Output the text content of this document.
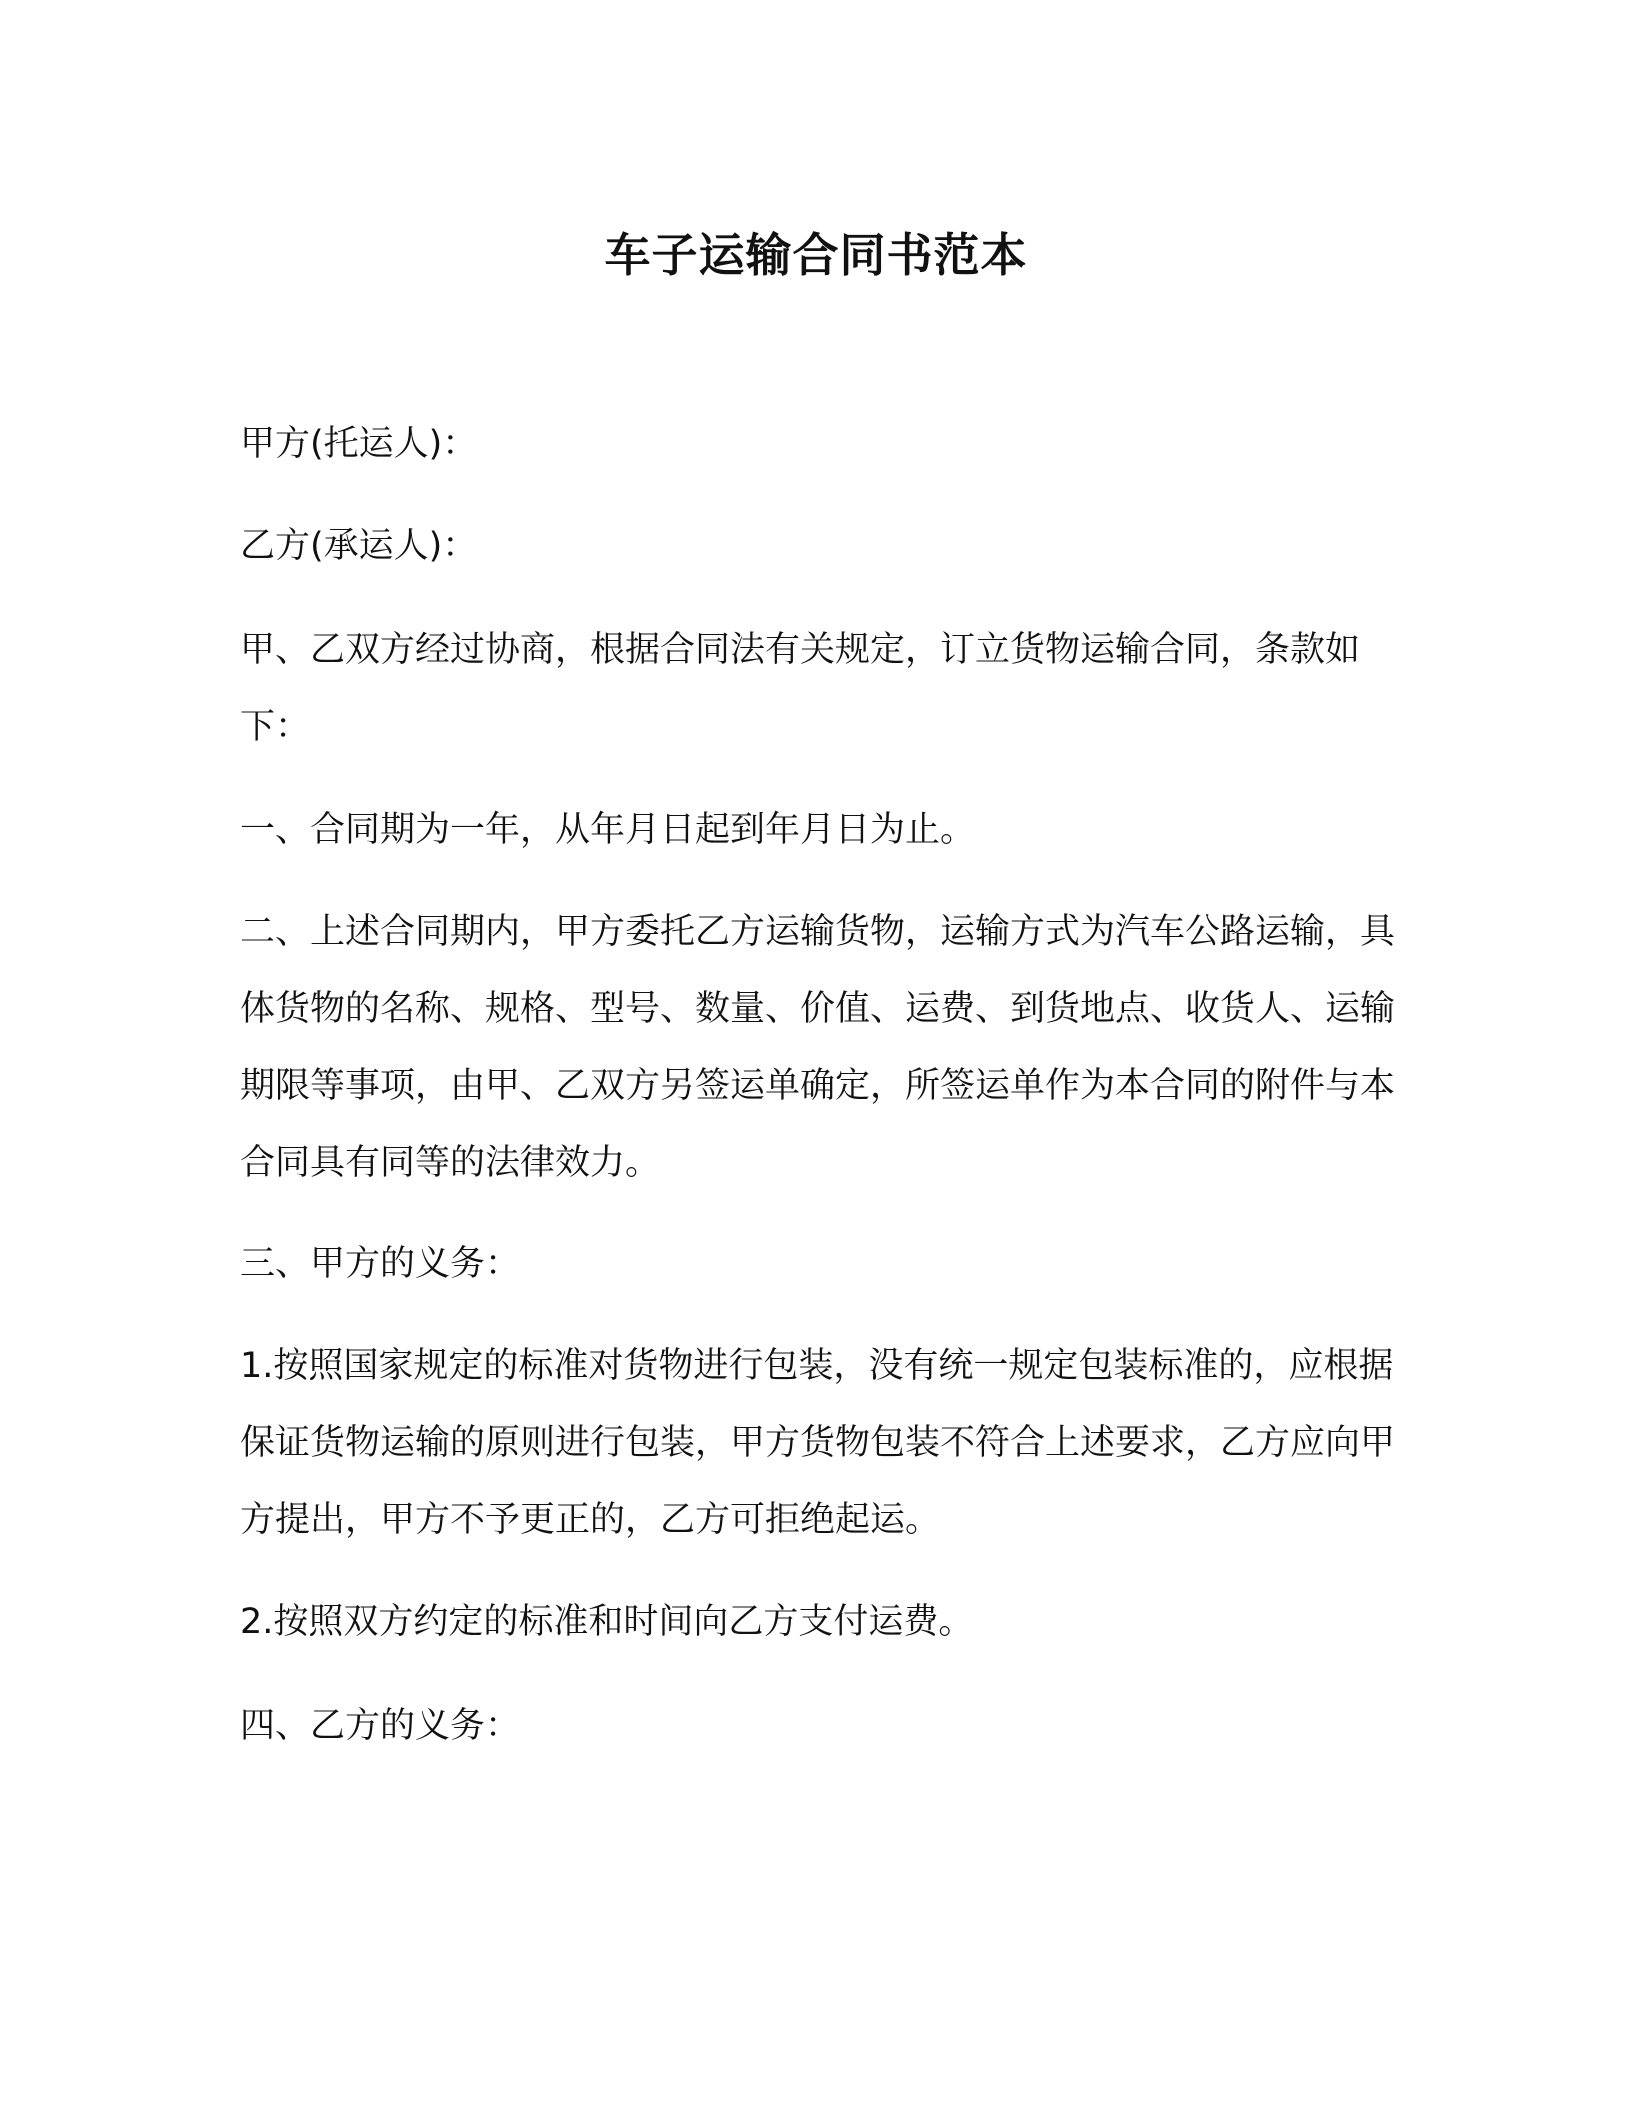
车子运输合同书范本

甲方(托运人)：

乙方(承运人)：

甲、乙双方经过协商，根据合同法有关规定，订立货物运输合同，条款如下：

一、合同期为一年，从年月日起到年月日为止。

二、上述合同期内，甲方委托乙方运输货物，运输方式为汽车公路运输，具体货物的名称、规格、型号、数量、价值、运费、到货地点、收货人、运输期限等事项，由甲、乙双方另签运单确定，所签运单作为本合同的附件与本合同具有同等的法律效力。

三、甲方的义务：

1.按照国家规定的标准对货物进行包装，没有统一规定包装标准的，应根据保证货物运输的原则进行包装，甲方货物包装不符合上述要求，乙方应向甲方提出，甲方不予更正的，乙方可拒绝起运。

2.按照双方约定的标准和时间向乙方支付运费。

四、乙方的义务：
